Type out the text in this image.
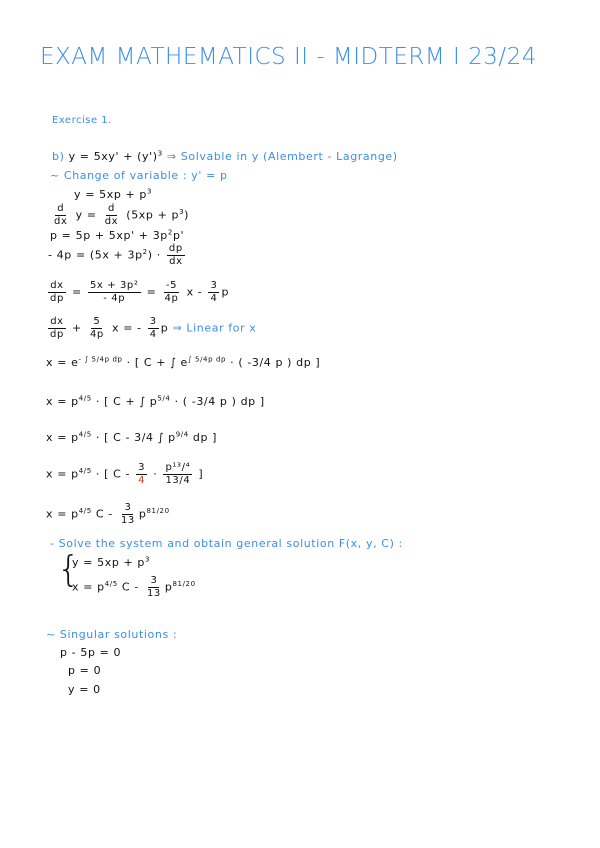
EXAM MATHEMATICS II - MIDTERM I 23/24
Exercise 1.
b) $y = 5xy' + (y')^3$ ⇒ Solvable in y (Alembert - Lagrange)
~ Change of variable : y' = p
$y = 5xp + p^3$
$\frac{d}{dx}$ $y = \frac{d}{dx} (5xp + p^3)$
$p = 5p + 5xp' + 3p^2p'$
- $4p = (5x + 3p^2) \cdot \frac{dp}{dx}$
$\frac{dx}{dp} = \frac{\text{5x + 3p²}}{- 4p} = \frac{-5}{4p}$ x - $\frac{3}{4}$ p
$\frac{dx}{dp} + \frac{5}{4p}$ x = - $\frac{3}{4}$ p ⇒ Linear for x
$x = e^{- \int 5/4p dp}$ · [ C + ∫ $e^{\int 5/4p dp}$ · ( -3/4 p ) dp ]
$x = p^{4/5}$ · [ C + ∫ $p^{5/4}$ · ( -3/4 p ) dp ]
$x = p^{4/5}$ · [ C - 3/4 ∫ $p^{9/4}$ dp ]
$x = p^{4/5}$ · [ $C - \frac{3}{4} \cdot \frac{\text{p¹³/⁴}}{13/4}$ ]
$x = p^{4/5}$ C - $\frac{3}{13} p^{81/20}$
- Solve the system and obtain general solution F(x, y, C) :
{
$y = 5xp + p^3$
$x = p^{4/5}$ C - $\frac{3}{13} p^{81/20}$
~ Singular solutions :
p - 5p = 0
p = 0
y = 0
